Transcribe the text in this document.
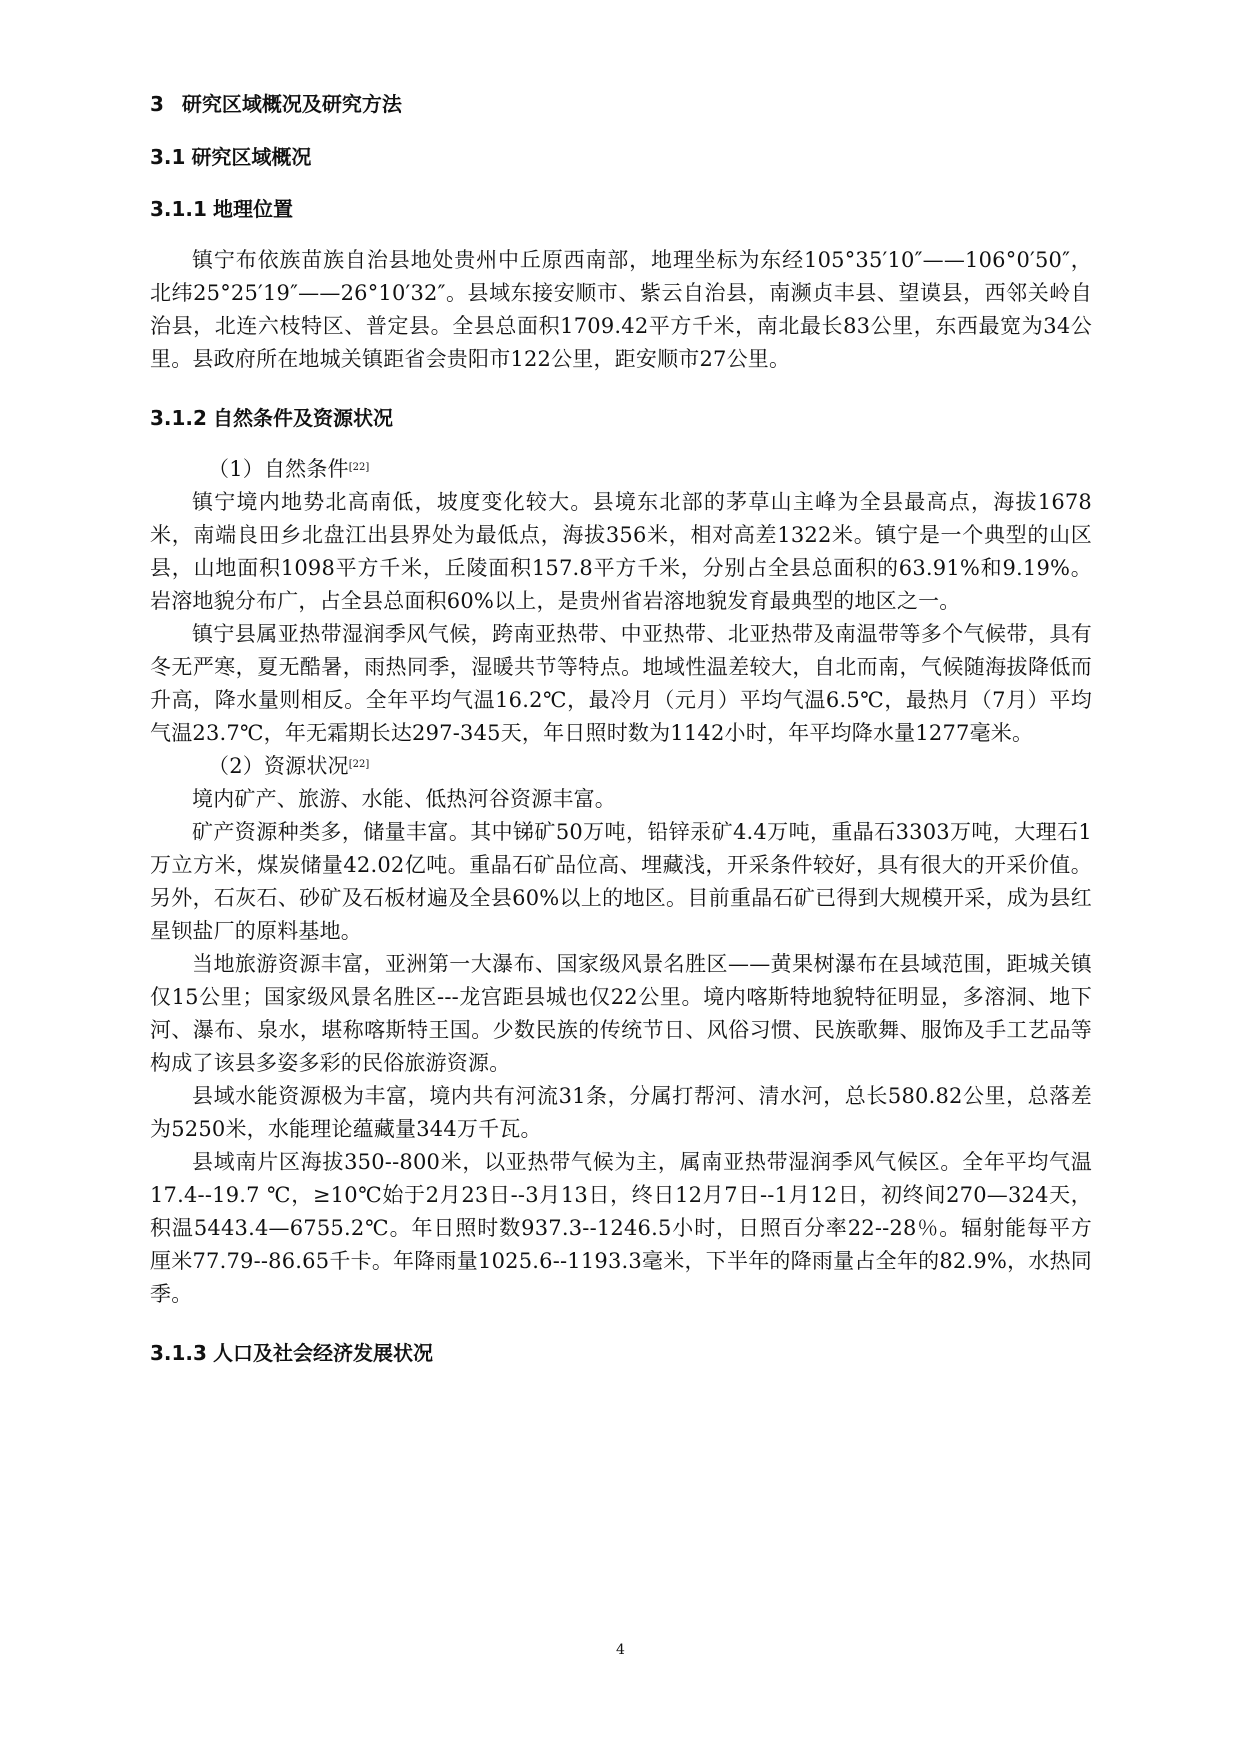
3 研究区域概况及研究方法
3.1 研究区域概况
3.1.1 地理位置

镇宁布依族苗族自治县地处贵州中丘原西南部，地理坐标为东经105°35′10″——106°0′50″，北纬25°25′19″——26°10′32″。县域东接安顺市、紫云自治县，南濒贞丰县、望谟县，西邻关岭自治县，北连六枝特区、普定县。全县总面积1709.42平方千米，南北最长83公里，东西最宽为34公里。县政府所在地城关镇距省会贵阳市122公里，距安顺市27公里。

3.1.2 自然条件及资源状况

（1）自然条件[22]

镇宁境内地势北高南低，坡度变化较大。县境东北部的茅草山主峰为全县最高点，海拔1678米，南端良田乡北盘江出县界处为最低点，海拔356米，相对高差1322米。镇宁是一个典型的山区县，山地面积1098平方千米，丘陵面积157.8平方千米，分别占全县总面积的63.91%和9.19%。岩溶地貌分布广，占全县总面积60%以上，是贵州省岩溶地貌发育最典型的地区之一。

镇宁县属亚热带湿润季风气候，跨南亚热带、中亚热带、北亚热带及南温带等多个气候带，具有冬无严寒，夏无酷暑，雨热同季，湿暖共节等特点。地域性温差较大，自北而南，气候随海拔降低而升高，降水量则相反。全年平均气温16.2℃，最冷月（元月）平均气温6.5℃，最热月（7月）平均气温23.7℃，年无霜期长达297-345天，年日照时数为1142小时，年平均降水量1277毫米。

（2）资源状况[22]

境内矿产、旅游、水能、低热河谷资源丰富。

矿产资源种类多，储量丰富。其中锑矿50万吨，铅锌汞矿4.4万吨，重晶石3303万吨，大理石1万立方米，煤炭储量42.02亿吨。重晶石矿品位高、埋藏浅，开采条件较好，具有很大的开采价值。另外，石灰石、砂矿及石板材遍及全县60%以上的地区。目前重晶石矿已得到大规模开采，成为县红星钡盐厂的原料基地。

当地旅游资源丰富，亚洲第一大瀑布、国家级风景名胜区——黄果树瀑布在县域范围，距城关镇仅15公里；国家级风景名胜区---龙宫距县城也仅22公里。境内喀斯特地貌特征明显，多溶洞、地下河、瀑布、泉水，堪称喀斯特王国。少数民族的传统节日、风俗习惯、民族歌舞、服饰及手工艺品等构成了该县多姿多彩的民俗旅游资源。

县域水能资源极为丰富，境内共有河流31条，分属打帮河、清水河，总长580.82公里，总落差为5250米，水能理论蕴藏量344万千瓦。

县域南片区海拔350--800米，以亚热带气候为主，属南亚热带湿润季风气候区。全年平均气温17.4--19.7 ℃，≥10℃始于2月23日--3月13日，终日12月7日--1月12日，初终间270—324天，积温5443.4—6755.2℃。年日照时数937.3--1246.5小时，日照百分率22--28％。辐射能每平方厘米77.79--86.65千卡。年降雨量1025.6--1193.3毫米，下半年的降雨量占全年的82.9%，水热同季。

3.1.3 人口及社会经济发展状况
4
